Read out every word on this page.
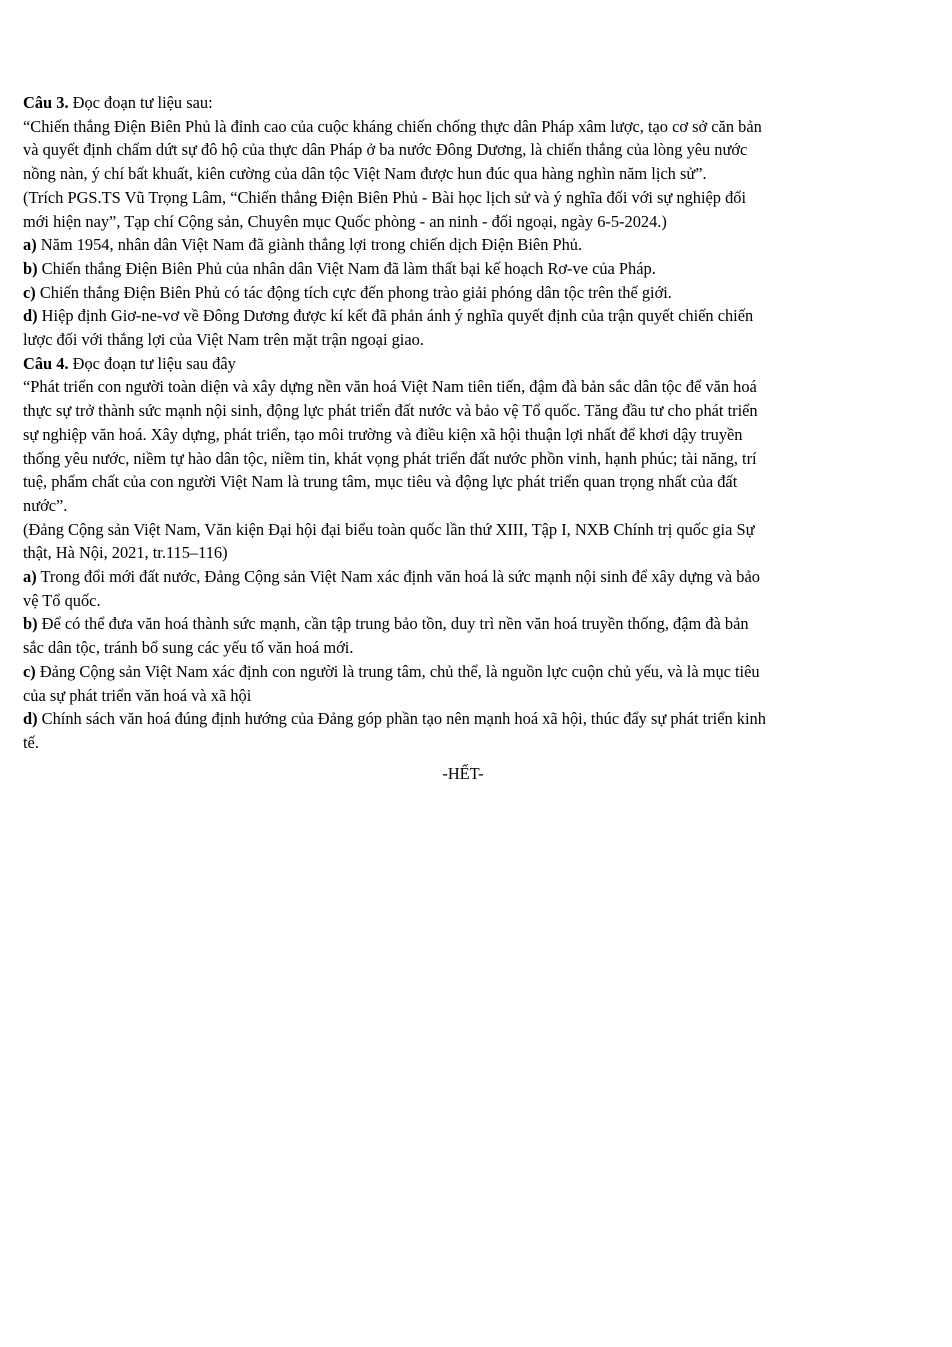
Câu 3. Đọc đoạn tư liệu sau:
“Chiến thắng Điện Biên Phủ là đỉnh cao của cuộc kháng chiến chống thực dân Pháp xâm lược, tạo cơ sở căn bản
và quyết định chấm dứt sự đô hộ của thực dân Pháp ở ba nước Đông Dương, là chiến thắng của lòng yêu nước
nồng nàn, ý chí bất khuất, kiên cường của dân tộc Việt Nam được hun đúc qua hàng nghìn năm lịch sử”.
(Trích PGS.TS Vũ Trọng Lâm, “Chiến thắng Điện Biên Phủ - Bài học lịch sử và ý nghĩa đối với sự nghiệp đổi
mới hiện nay”, Tạp chí Cộng sản, Chuyên mục Quốc phòng - an ninh - đối ngoại, ngày 6-5-2024.)
a) Năm 1954, nhân dân Việt Nam đã giành thắng lợi trong chiến dịch Điện Biên Phủ.
b) Chiến thắng Điện Biên Phủ của nhân dân Việt Nam đã làm thất bại kế hoạch Rơ-ve của Pháp.
c) Chiến thắng Điện Biên Phủ có tác động tích cực đến phong trào giải phóng dân tộc trên thế giới.
d) Hiệp định Giơ-ne-vơ về Đông Dương được kí kết đã phản ánh ý nghĩa quyết định của trận quyết chiến chiến
lược đối với thắng lợi của Việt Nam trên mặt trận ngoại giao.
Câu 4. Đọc đoạn tư liệu sau đây
“Phát triển con người toàn diện và xây dựng nền văn hoá Việt Nam tiên tiến, đậm đà bản sắc dân tộc để văn hoá
thực sự trở thành sức mạnh nội sinh, động lực phát triển đất nước và bảo vệ Tổ quốc. Tăng đầu tư cho phát triển
sự nghiệp văn hoá. Xây dựng, phát triển, tạo môi trường và điều kiện xã hội thuận lợi nhất để khơi dậy truyền
thống yêu nước, niềm tự hào dân tộc, niềm tin, khát vọng phát triển đất nước phồn vinh, hạnh phúc; tài năng, trí
tuệ, phẩm chất của con người Việt Nam là trung tâm, mục tiêu và động lực phát triển quan trọng nhất của đất
nước”.
(Đảng Cộng sản Việt Nam, Văn kiện Đại hội đại biểu toàn quốc lần thứ XIII, Tập I, NXB Chính trị quốc gia Sự
thật, Hà Nội, 2021, tr.115–116)
a) Trong đổi mới đất nước, Đảng Cộng sản Việt Nam xác định văn hoá là sức mạnh nội sinh để xây dựng và bảo
vệ Tổ quốc.
b) Để có thể đưa văn hoá thành sức mạnh, cần tập trung bảo tồn, duy trì nền văn hoá truyền thống, đậm đà bản
sắc dân tộc, tránh bổ sung các yếu tố văn hoá mới.
c) Đảng Cộng sản Việt Nam xác định con người là trung tâm, chủ thể, là nguồn lực cuộn chủ yếu, và là mục tiêu
của sự phát triển văn hoá và xã hội
d) Chính sách văn hoá đúng định hướng của Đảng góp phần tạo nên mạnh hoá xã hội, thúc đẩy sự phát triển kinh
tế.
-HẾT-
